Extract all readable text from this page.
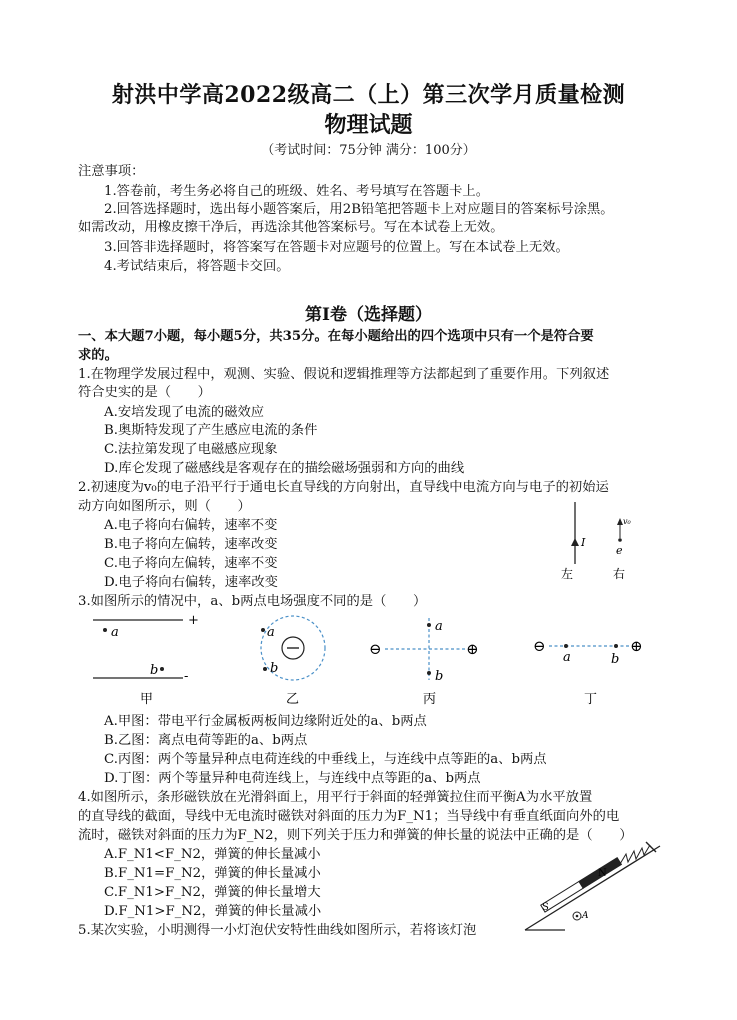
射洪中学高2022级高二（上）第三次学月质量检测
物理试题
（考试时间：75分钟 满分：100分）
注意事项：
1.答卷前，考生务必将自己的班级、姓名、考号填写在答题卡上。
2.回答选择题时，选出每小题答案后，用2B铅笔把答题卡上对应题目的答案标号涂黑。
如需改动，用橡皮擦干净后，再选涂其他答案标号。写在本试卷上无效。
3.回答非选择题时，将答案写在答题卡对应题号的位置上。写在本试卷上无效。
4.考试结束后，将答题卡交回。
第Ⅰ卷（选择题）
一、本大题7小题，每小题5分，共35分。在每小题给出的四个选项中只有一个是符合要
求的。
1.在物理学发展过程中，观测、实验、假说和逻辑推理等方法都起到了重要作用。下列叙述
符合史实的是（　　）
A.安培发现了电流的磁效应
B.奥斯特发现了产生感应电流的条件
C.法拉第发现了电磁感应现象
D.库仑发现了磁感线是客观存在的描绘磁场强弱和方向的曲线
2.初速度为v₀的电子沿平行于通电长直导线的方向射出，直导线中电流方向与电子的初始运
动方向如图所示，则（　　）
A.电子将向右偏转，速率不变
B.电子将向左偏转，速率改变
C.电子将向左偏转，速率不变
D.电子将向右偏转，速率改变
I
v₀
e
左	右
3.如图所示的情况中，a、b两点电场强度不同的是（　　）
+
a
-
b
甲
a
b
乙
⊖	⊕
a
b
丙
⊖	⊕
a	b
丁
A.甲图：带电平行金属板两板间边缘附近处的a、b两点
B.乙图：离点电荷等距的a、b两点
C.丙图：两个等量异种点电荷连线的中垂线上，与连线中点等距的a、b两点
D.丁图：两个等量异种电荷连线上，与连线中点等距的a、b两点
4.如图所示，条形磁铁放在光滑斜面上，用平行于斜面的轻弹簧拉住而平衡A为水平放置
的直导线的截面，导线中无电流时磁铁对斜面的压力为F_N1；当导线中有垂直纸面向外的电
流时，磁铁对斜面的压力为F_N2，则下列关于压力和弹簧的伸长量的说法中正确的是（　　）
A.F_N1<F_N2，弹簧的伸长量减小
B.F_N1=F_N2，弹簧的伸长量减小
C.F_N1>F_N2，弹簧的伸长量增大
D.F_N1>F_N2，弹簧的伸长量减小	S
N
A
5.某次实验，小明测得一小灯泡伏安特性曲线如图所示，若将该灯泡
